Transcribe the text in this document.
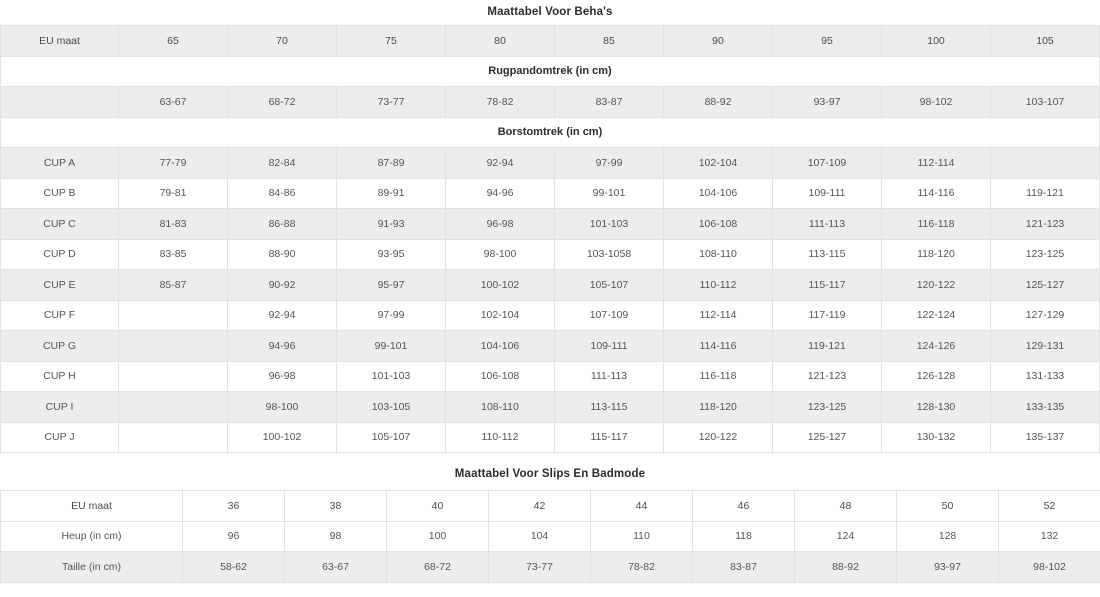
Maattabel Voor Beha's
EU maat	65	70	75	80	85	90	95	100	105
Rugpandomtrek (in cm)									
	63-67	68-72	73-77	78-82	83-87	88-92	93-97	98-102	103-107
Borstomtrek (in cm)									
CUP A	77-79	82-84	87-89	92-94	97-99	102-104	107-109	112-114	
CUP B	79-81	84-86	89-91	94-96	99-101	104-106	109-111	114-116	119-121
CUP C	81-83	86-88	91-93	96-98	101-103	106-108	111-113	116-118	121-123
CUP D	83-85	88-90	93-95	98-100	103-1058	108-110	113-115	118-120	123-125
CUP E	85-87	90-92	95-97	100-102	105-107	110-112	115-117	120-122	125-127
CUP F		92-94	97-99	102-104	107-109	112-114	117-119	122-124	127-129
CUP G		94-96	99-101	104-106	109-111	114-116	119-121	124-126	129-131
CUP H		96-98	101-103	106-108	111-113	116-118	121-123	126-128	131-133
CUP I		98-100	103-105	108-110	113-115	118-120	123-125	128-130	133-135
CUP J		100-102	105-107	110-112	115-117	120-122	125-127	130-132	135-137
Maattabel Voor Slips En Badmode
EU maat	36	38	40	42	44	46	48	50	52
Heup (in cm)	96	98	100	104	110	118	124	128	132
Taille (in cm)	58-62	63-67	68-72	73-77	78-82	83-87	88-92	93-97	98-102
